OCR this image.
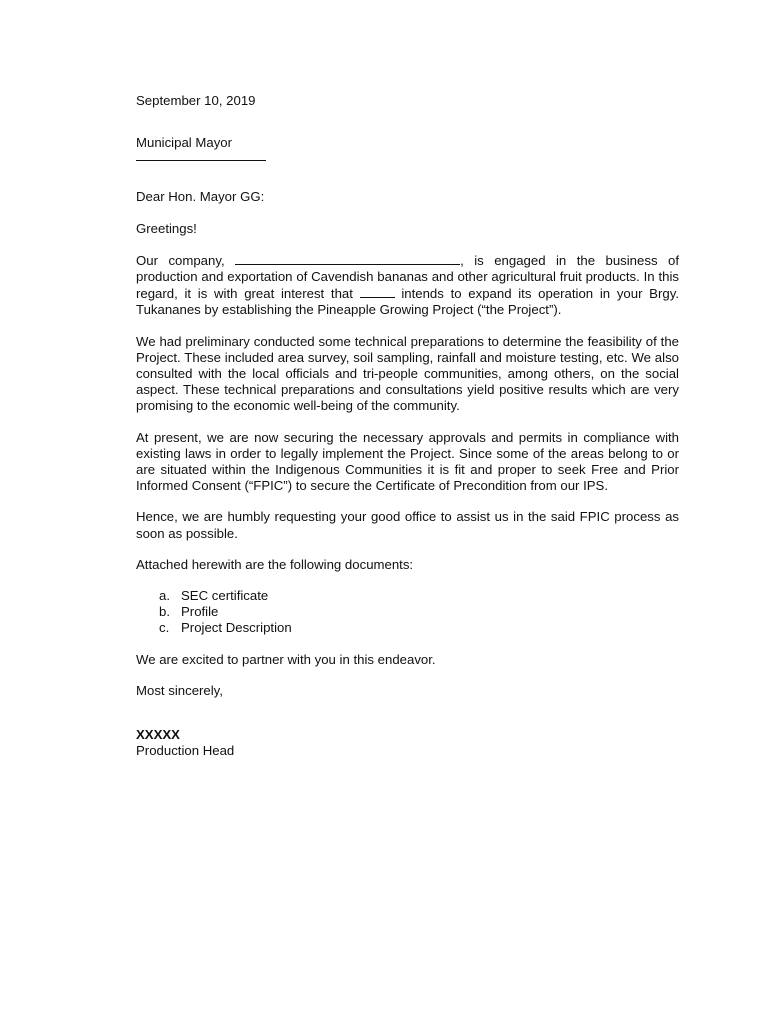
September 10, 2019

Municipal Mayor

Dear Hon. Mayor GG:

Greetings!

Our company,	, is engaged in the business of production and exportation of Cavendish bananas and other agricultural fruit products. In this regard, it is with great interest that	intends to expand its operation in your Brgy. Tukananes by establishing the Pineapple Growing Project (“the Project”).

We had preliminary conducted some technical preparations to determine the feasibility of the Project. These included area survey, soil sampling, rainfall and moisture testing, etc. We also consulted with the local officials and tri-people communities, among others, on the social aspect. These technical preparations and consultations yield positive results which are very promising to the economic well-being of the community.

At present, we are now securing the necessary approvals and permits in compliance with existing laws in order to legally implement the Project. Since some of the areas belong to or are situated within the Indigenous Communities it is fit and proper to seek Free and Prior Informed Consent (“FPIC”) to secure the Certificate of Precondition from our IPS.

Hence, we are humbly requesting your good office to assist us in the said FPIC process as soon as possible.

Attached herewith are the following documents:

a. SEC certificate
b. Profile
c. Project Description

We are excited to partner with you in this endeavor.

Most sincerely,

XXXXX

Production Head
